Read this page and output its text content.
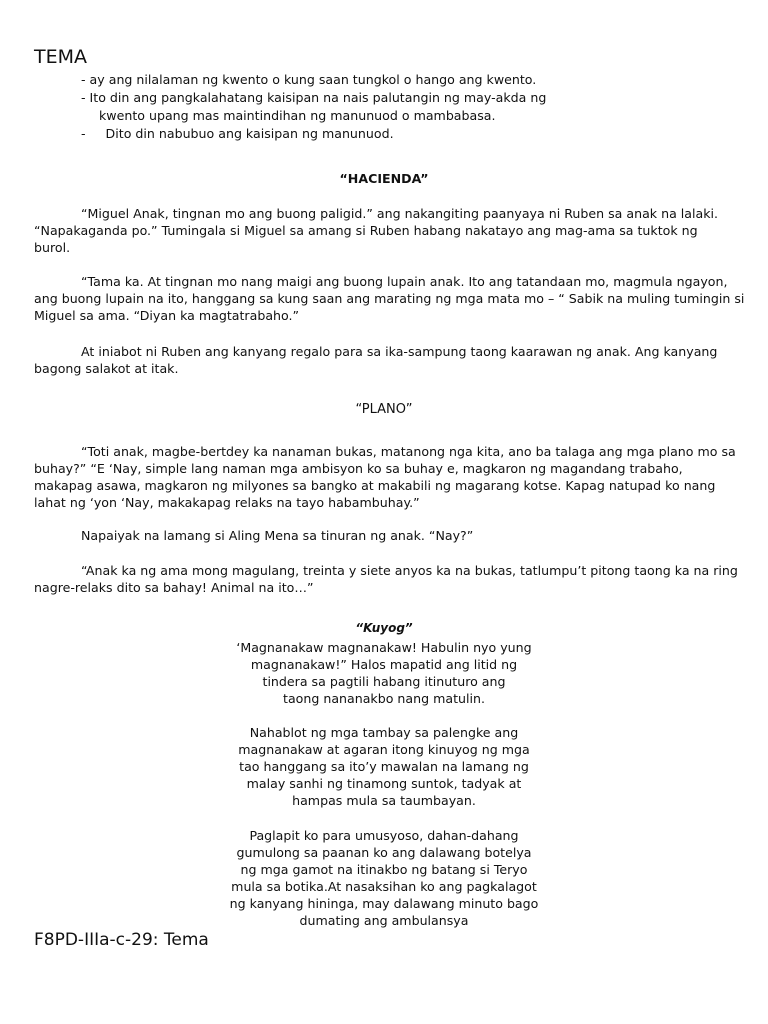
TEMA
- ay ang nilalaman ng kwento o kung saan tungkol o hango ang kwento.
- Ito din ang pangkalahatang kaisipan na nais palutangin ng may-akda ng
kwento upang mas maintindihan ng manunuod o mambabasa.
-     Dito din nabubuo ang kaisipan ng manunuod.
“HACIENDA”

“Miguel Anak, tingnan mo ang buong paligid.” ang nakangiting paanyaya ni Ruben sa anak na lalaki.
“Napakaganda po.” Tumingala si Miguel sa amang si Ruben habang nakatayo ang mag-ama sa tuktok ng
burol.

“Tama ka. At tingnan mo nang maigi ang buong lupain anak. Ito ang tatandaan mo, magmula ngayon,
ang buong lupain na ito, hanggang sa kung saan ang marating ng mga mata mo – “ Sabik na muling tumingin si
Miguel sa ama. “Diyan ka magtatrabaho.”

At iniabot ni Ruben ang kanyang regalo para sa ika-sampung taong kaarawan ng anak. Ang kanyang
bagong salakot at itak.

“PLANO”

“Toti anak, magbe-bertdey ka nanaman bukas, matanong nga kita, ano ba talaga ang mga plano mo sa
buhay?” “E ‘Nay, simple lang naman mga ambisyon ko sa buhay e, magkaron ng magandang trabaho,
makapag asawa, magkaron ng milyones sa bangko at makabili ng magarang kotse. Kapag natupad ko nang
lahat ng ‘yon ‘Nay, makakapag relaks na tayo habambuhay.”

Napaiyak na lamang si Aling Mena sa tinuran ng anak. “Nay?”

“Anak ka ng ama mong magulang, treinta y siete anyos ka na bukas, tatlumpu’t pitong taong ka na ring
nagre-relaks dito sa bahay! Animal na ito…”

“Kuyog”

‘Magnanakaw magnanakaw! Habulin nyo yung
magnanakaw!” Halos mapatid ang litid ng
tindera sa pagtili habang itinuturo ang
taong nananakbo nang matulin.

Nahablot ng mga tambay sa palengke ang
magnanakaw at agaran itong kinuyog ng mga
tao hanggang sa ito’y mawalan na lamang ng
malay sanhi ng tinamong suntok, tadyak at
hampas mula sa taumbayan.

Paglapit ko para umusyoso, dahan-dahang
gumulong sa paanan ko ang dalawang botelya
ng mga gamot na itinakbo ng batang si Teryo
mula sa botika.At nasaksihan ko ang pagkalagot
ng kanyang hininga, may dalawang minuto bago
dumating ang ambulansya

F8PD-IIIa-c-29: Tema
